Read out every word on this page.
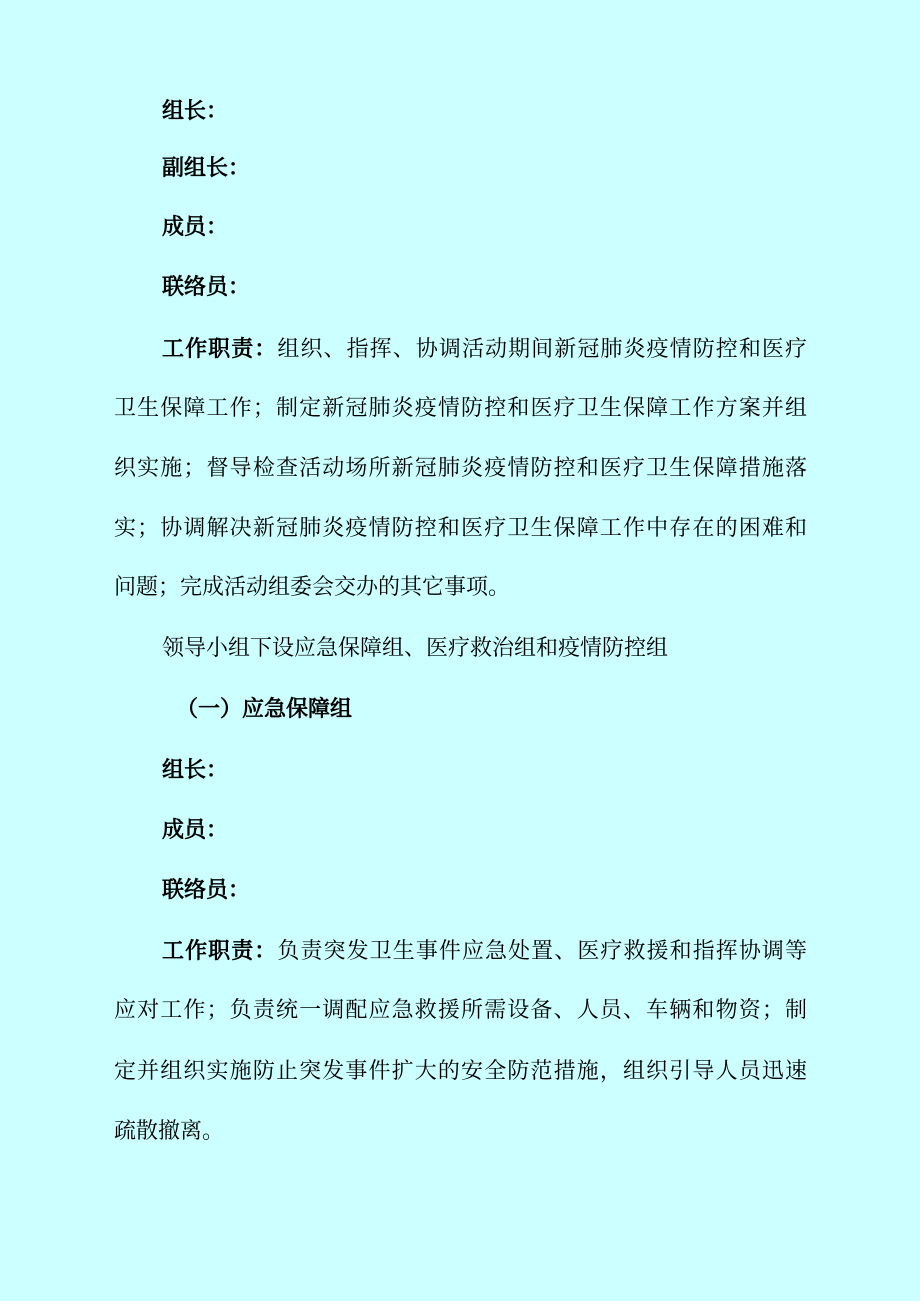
组长：
副组长：
成员：
联络员：
工作职责：组织、指挥、协调活动期间新冠肺炎疫情防控和医疗
卫生保障工作；制定新冠肺炎疫情防控和医疗卫生保障工作方案并组
织实施；督导检查活动场所新冠肺炎疫情防控和医疗卫生保障措施落
实；协调解决新冠肺炎疫情防控和医疗卫生保障工作中存在的困难和
问题；完成活动组委会交办的其它事项。
领导小组下设应急保障组、医疗救治组和疫情防控组
（一）应急保障组
组长：
成员：
联络员：
工作职责：负责突发卫生事件应急处置、医疗救援和指挥协调等
应对工作；负责统一调配应急救援所需设备、人员、车辆和物资；制
定并组织实施防止突发事件扩大的安全防范措施，组织引导人员迅速
疏散撤离。
